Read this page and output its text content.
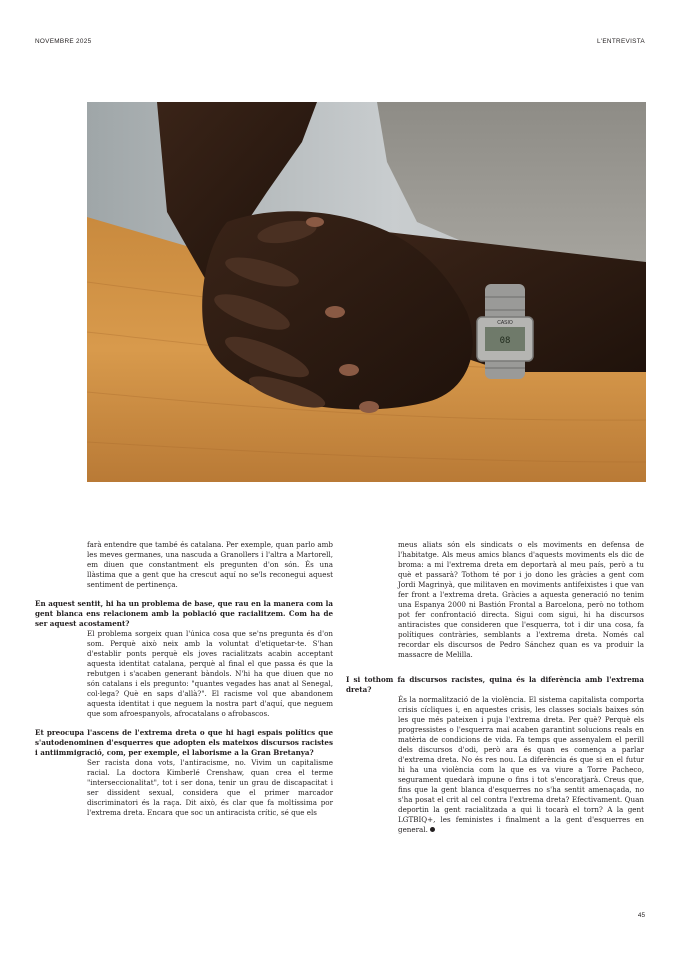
NOVEMBRE 2025	L'ENTREVISTA
CASIO
08

farà entendre que també és catalana. Per exemple, quan parlo amb les meves germanes, una nascuda a Granollers i l'altra a Martorell, em diuen que constantment els pregunten d'on són. És una llàstima que a gent que ha crescut aquí no se'ls reconegui aquest sentiment de pertinença.

En aquest sentit, hi ha un problema de base, que rau en la manera com la gent blanca ens relacionem amb la població que racialitzem. Com ha de ser aquest acostament?

El problema sorgeix quan l'única cosa que se'ns pregunta és d'on som. Perquè això neix amb la voluntat d'etiquetar-te. S'han d'establir ponts perquè els joves racialitzats acabin acceptant aquesta identitat catalana, perquè al final el que passa és que la rebutgen i s'acaben generant bàndols. N'hi ha que diuen que no són catalans i els pregunto: "quantes vegades has anat al Senegal, col·lega? Què en saps d'allà?". El racisme vol que abandonem aquesta identitat i que neguem la nostra part d'aquí, que neguem que som afroespanyols, afrocatalans o afrobascos.

Et preocupa l'ascens de l'extrema dreta o que hi hagi espais polítics que s'autodenominen d'esquerres que adopten els mateixos discursos racistes i antiimmigració, com, per exemple, el laborisme a la Gran Bretanya?

Ser racista dona vots, l'antiracisme, no. Vivim un capitalisme racial. La doctora Kimberlé Crenshaw, quan crea el terme "interseccionalitat", tot i ser dona, tenir un grau de discapacitat i ser dissident sexual, considera que el primer marcador discriminatori és la raça. Dit això, és clar que fa moltíssima por l'extrema dreta. Encara que soc un antiracista crític, sé que els

meus aliats són els sindicats o els moviments en defensa de l'habitatge. Als meus amics blancs d'aquests moviments els dic de broma: a mi l'extrema dreta em deportarà al meu país, però a tu què et passarà? Tothom té por i jo dono les gràcies a gent com Jordi Magrinyà, que militaven en moviments antifeixistes i que van fer front a l'extrema dreta. Gràcies a aquesta generació no tenim una Espanya 2000 ni Bastión Frontal a Barcelona, però no tothom pot fer confrontació directa. Sigui com sigui, hi ha discursos antiracistes que consideren que l'esquerra, tot i dir una cosa, fa polítiques contràries, semblants a l'extrema dreta. Només cal recordar els discursos de Pedro Sánchez quan es va produir la massacre de Melilla.

I si tothom fa discursos racistes, quina és la diferència amb l'extrema dreta?

És la normalització de la violència. El sistema capitalista comporta crisis cícliques i, en aquestes crisis, les classes socials baixes són les que més pateixen i puja l'extrema dreta. Per què? Perquè els progressistes o l'esquerra mai acaben garantint solucions reals en matèria de condicions de vida. Fa temps que assenyalem el perill dels discursos d'odi, però ara és quan es comença a parlar d'extrema dreta. No és res nou. La diferència és que si en el futur hi ha una violència com la que es va viure a Torre Pacheco, segurament quedarà impune o fins i tot s'encoratjarà. Creus que, fins que la gent blanca d'esquerres no s'ha sentit amenaçada, no s'ha posat el crit al cel contra l'extrema dreta? Efectivament. Quan deportin la gent racialitzada a qui li tocarà el torn? A la gent LGTBIQ+, les feministes i finalment a la gent d'esquerres en general.

45
